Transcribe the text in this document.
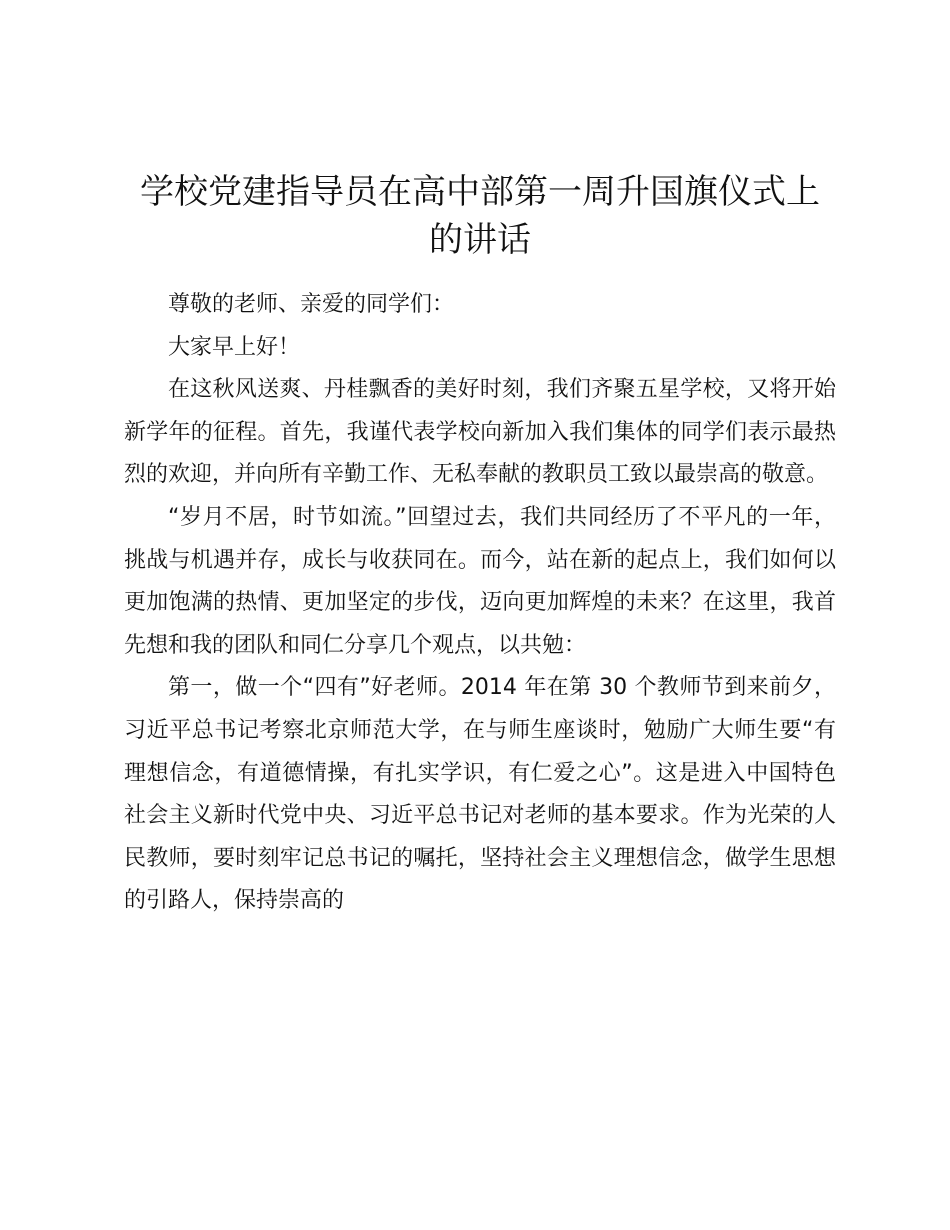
学校党建指导员在高中部第一周升国旗仪式上的讲话

尊敬的老师、亲爱的同学们：

大家早上好！

在这秋风送爽、丹桂飘香的美好时刻，我们齐聚五星学校，又将开始新学年的征程。首先，我谨代表学校向新加入我们集体的同学们表示最热烈的欢迎，并向所有辛勤工作、无私奉献的教职员工致以最崇高的敬意。

“岁月不居，时节如流。”回望过去，我们共同经历了不平凡的一年，挑战与机遇并存，成长与收获同在。而今，站在新的起点上，我们如何以更加饱满的热情、更加坚定的步伐，迈向更加辉煌的未来？在这里，我首先想和我的团队和同仁分享几个观点，以共勉：

第一，做一个“四有”好老师。2014 年在第 30 个教师节到来前夕，习近平总书记考察北京师范大学，在与师生座谈时，勉励广大师生要“有理想信念，有道德情操，有扎实学识，有仁爱之心”。这是进入中国特色社会主义新时代党中央、习近平总书记对老师的基本要求。作为光荣的人民教师，要时刻牢记总书记的嘱托，坚持社会主义理想信念，做学生思想的引路人，保持崇高的
